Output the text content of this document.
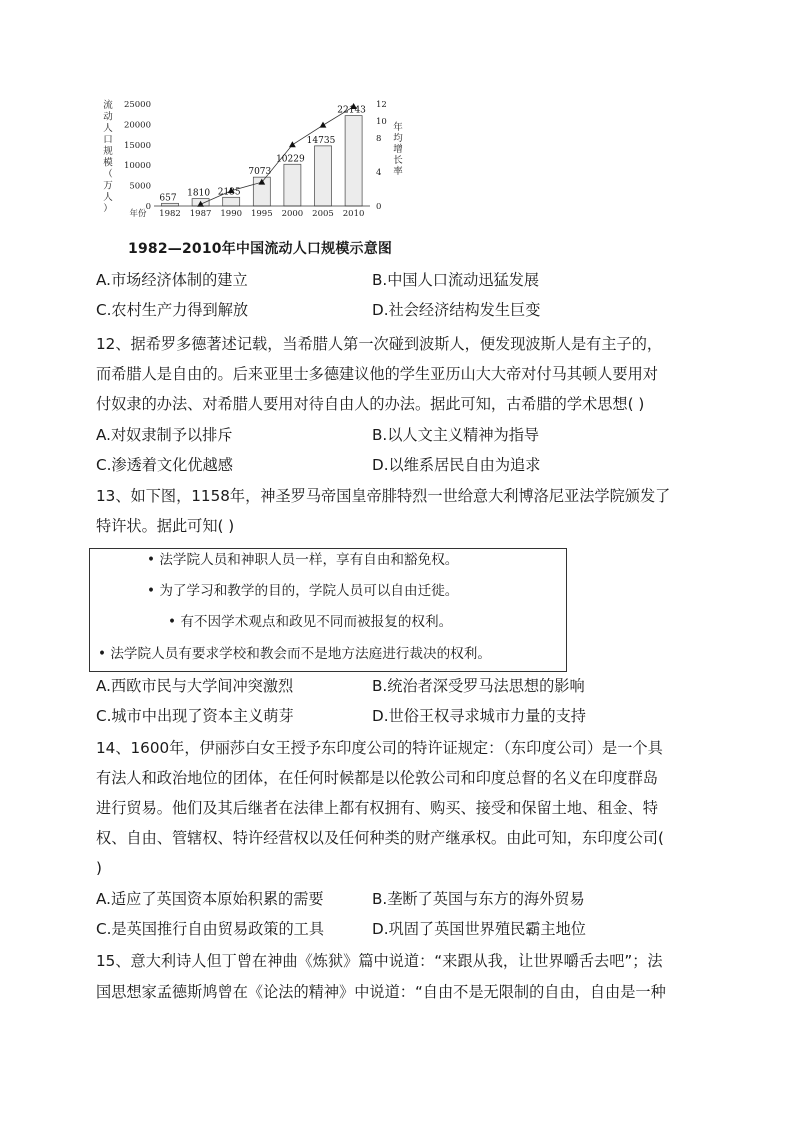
流动人口规模（万人）
年均增长率
0
5000
10000
15000
20000
25000
0
4
8
10
12
657 1810 2135
7073
10229
14735
22143
年份 1982 1987 1990 1995 2000 2005 2010
1982—2010年中国流动人口规模示意图
A.市场经济体制的建立	B.中国人口流动迅猛发展
C.农村生产力得到解放	D.社会经济结构发生巨变
12、据希罗多德著述记载，当希腊人第一次碰到波斯人，便发现波斯人是有主子的，
而希腊人是自由的。后来亚里士多德建议他的学生亚历山大大帝对付马其顿人要用对
付奴隶的办法、对希腊人要用对待自由人的办法。据此可知，古希腊的学术思想( )
A.对奴隶制予以排斥	B.以人文主义精神为指导
C.渗透着文化优越感	D.以维系居民自由为追求
13、如下图，1158年，神圣罗马帝国皇帝腓特烈一世给意大利博洛尼亚法学院颁发了
特许状。据此可知( )
• 法学院人员和神职人员一样，享有自由和豁免权。
• 为了学习和教学的目的，学院人员可以自由迁徙。
• 有不因学术观点和政见不同而被报复的权利。
• 法学院人员有要求学校和教会而不是地方法庭进行裁决的权利。
A.西欧市民与大学间冲突激烈	B.统治者深受罗马法思想的影响
C.城市中出现了资本主义萌芽	D.世俗王权寻求城市力量的支持
14、1600年，伊丽莎白女王授予东印度公司的特许证规定：（东印度公司）是一个具
有法人和政治地位的团体，在任何时候都是以伦敦公司和印度总督的名义在印度群岛
进行贸易。他们及其后继者在法律上都有权拥有、购买、接受和保留土地、租金、特
权、自由、管辖权、特许经营权以及任何种类的财产继承权。由此可知，东印度公司(
)
A.适应了英国资本原始积累的需要	B.垄断了英国与东方的海外贸易
C.是英国推行自由贸易政策的工具	D.巩固了英国世界殖民霸主地位
15、意大利诗人但丁曾在神曲《炼狱》篇中说道：“来跟从我，让世界嚼舌去吧”；法
国思想家孟德斯鸠曾在《论法的精神》中说道：“自由不是无限制的自由，自由是一种
